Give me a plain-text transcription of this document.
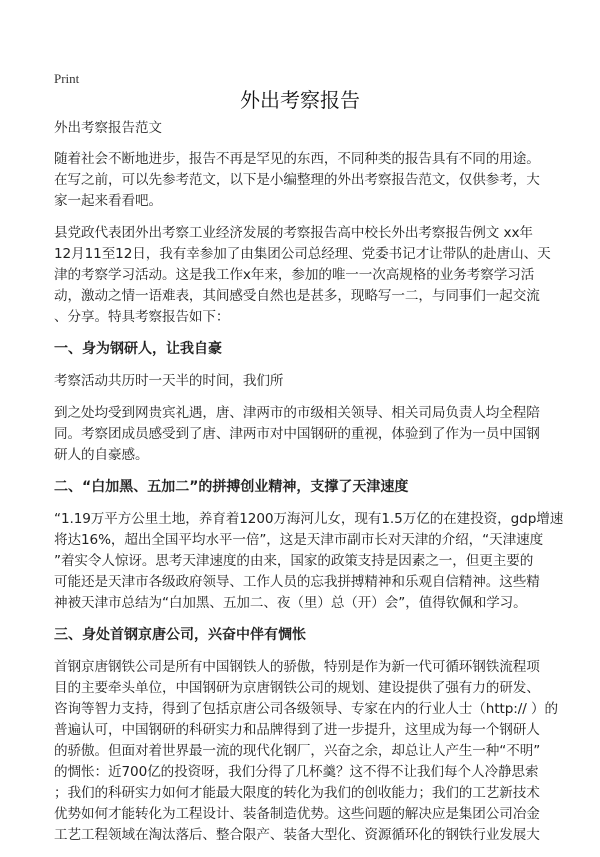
Print
外出考察报告
外出考察报告范文
随着社会不断地进步，报告不再是罕见的东西，不同种类的报告具有不同的用途。
在写之前，可以先参考范文，以下是小编整理的外出考察报告范文，仅供参考，大
家一起来看看吧。
县党政代表团外出考察工业经济发展的考察报告高中校长外出考察报告例文 xx年
12月11至12日，我有幸参加了由集团公司总经理、党委书记才让带队的赴唐山、天
津的考察学习活动。这是我工作x年来，参加的唯一一次高规格的业务考察学习活
动，激动之情一语难表，其间感受自然也是甚多，现略写一二，与同事们一起交流
、分享。特具考察报告如下：
一、身为钢研人，让我自豪
考察活动共历时一天半的时间，我们所
到之处均受到网贵宾礼遇，唐、津两市的市级相关领导、相关司局负责人均全程陪
同。考察团成员感受到了唐、津两市对中国钢研的重视，体验到了作为一员中国钢
研人的自豪感。
二、“白加黑、五加二”的拼搏创业精神，支撑了天津速度
“1.19万平方公里土地，养育着1200万海河儿女，现有1.5万亿的在建投资，gdp增速
将达16%，超出全国平均水平一倍”，这是天津市副市长对天津的介绍，“天津速度
”着实令人惊讶。思考天津速度的由来，国家的政策支持是因素之一，但更主要的
可能还是天津市各级政府领导、工作人员的忘我拼搏精神和乐观自信精神。这些精
神被天津市总结为“白加黑、五加二、夜（里）总（开）会”，值得钦佩和学习。
三、身处首钢京唐公司，兴奋中伴有惆怅
首钢京唐钢铁公司是所有中国钢铁人的骄傲，特别是作为新一代可循环钢铁流程项
目的主要牵头单位，中国钢研为京唐钢铁公司的规划、建设提供了强有力的研发、
咨询等智力支持，得到了包括京唐公司各级领导、专家在内的行业人士（http:// ）的
普遍认可，中国钢研的科研实力和品牌得到了进一步提升，这里成为每一个钢研人
的骄傲。但面对着世界最一流的现代化钢厂，兴奋之余，却总让人产生一种“不明”
的惆怅：近700亿的投资呀，我们分得了几杯羹？这不得不让我们每个人冷静思索
；我们的科研实力如何才能最大限度的转化为我们的创收能力；我们的工艺新技术
优势如何才能转化为工程设计、装备制造优势。这些问题的解决应是集团公司冶金
工艺工程领域在淘汰落后、整合限产、装备大型化、资源循环化的钢铁行业发展大
